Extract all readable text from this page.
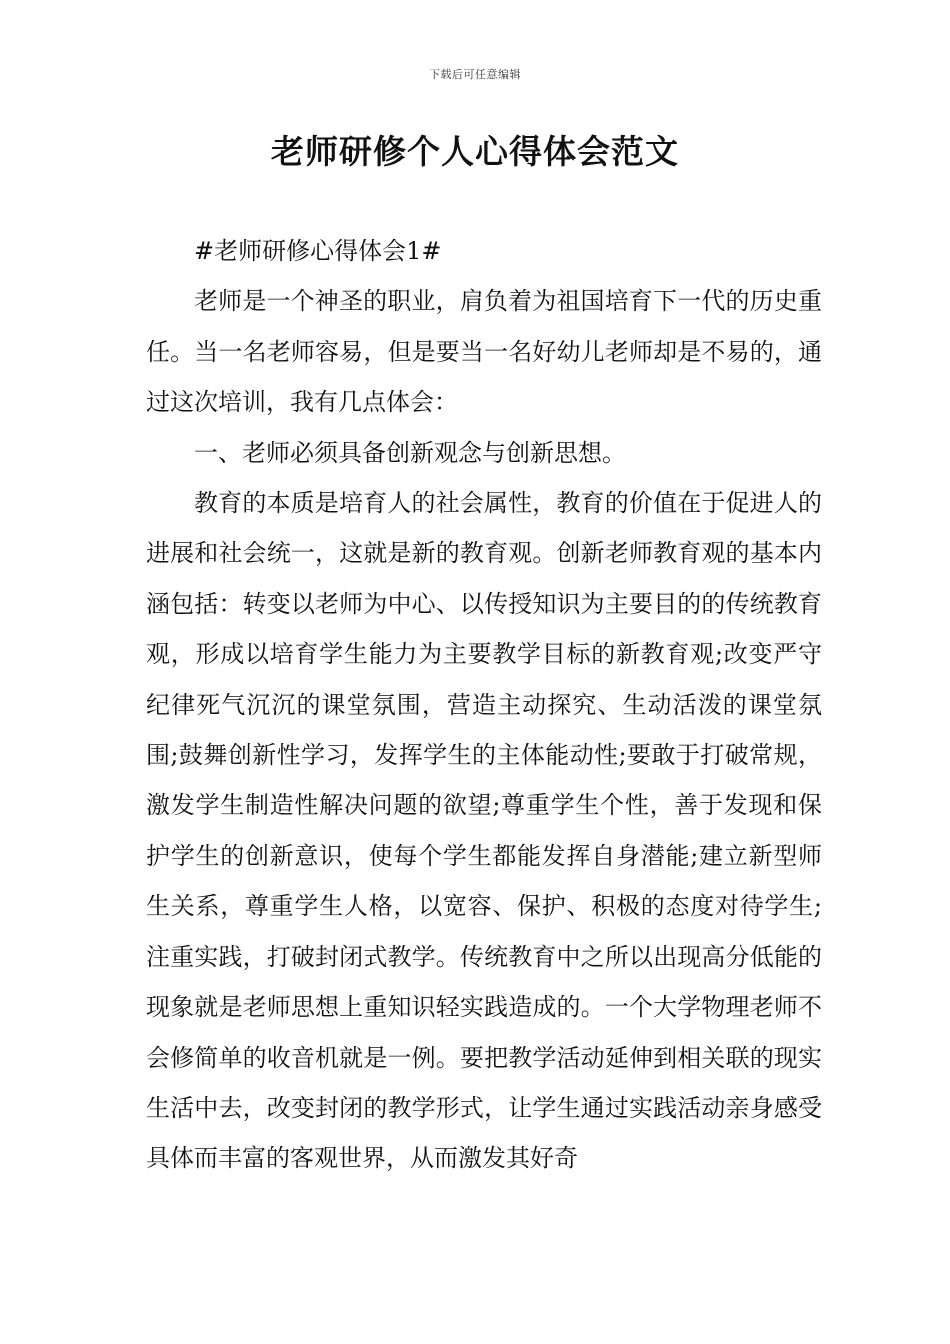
下载后可任意编辑
老师研修个人心得体会范文

#老师研修心得体会1#

老师是一个神圣的职业，肩负着为祖国培育下一代的历史重任。当一名老师容易，但是要当一名好幼儿老师却是不易的，通过这次培训，我有几点体会：

一、老师必须具备创新观念与创新思想。

教育的本质是培育人的社会属性，教育的价值在于促进人的进展和社会统一，这就是新的教育观。创新老师教育观的基本内涵包括：转变以老师为中心、以传授知识为主要目的的传统教育观，形成以培育学生能力为主要教学目标的新教育观;改变严守纪律死气沉沉的课堂氛围，营造主动探究、生动活泼的课堂氛围;鼓舞创新性学习，发挥学生的主体能动性;要敢于打破常规，激发学生制造性解决问题的欲望;尊重学生个性，善于发现和保护学生的创新意识，使每个学生都能发挥自身潜能;建立新型师生关系，尊重学生人格，以宽容、保护、积极的态度对待学生;注重实践，打破封闭式教学。传统教育中之所以出现高分低能的现象就是老师思想上重知识轻实践造成的。一个大学物理老师不会修简单的收音机就是一例。要把教学活动延伸到相关联的现实生活中去，改变封闭的教学形式，让学生通过实践活动亲身感受具体而丰富的客观世界，从而激发其好奇
